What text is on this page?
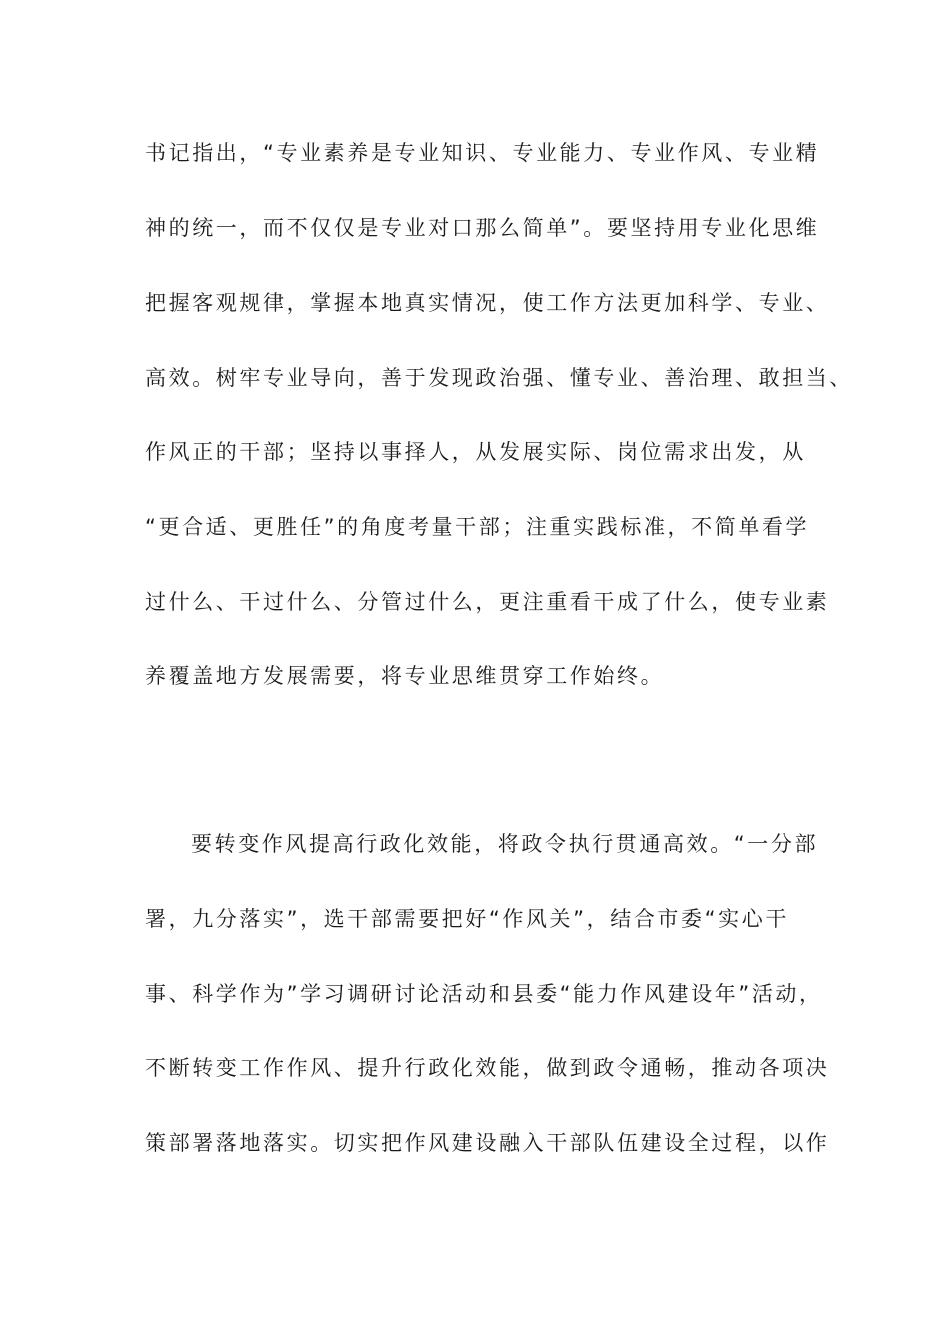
书记指出，“专业素养是专业知识、专业能力、专业作风、专业精
神的统一，而不仅仅是专业对口那么简单”。要坚持用专业化思维
把握客观规律，掌握本地真实情况，使工作方法更加科学、专业、
高效。树牢专业导向，善于发现政治强、懂专业、善治理、敢担当、
作风正的干部；坚持以事择人，从发展实际、岗位需求出发，从
“更合适、更胜任”的角度考量干部；注重实践标准，不简单看学
过什么、干过什么、分管过什么，更注重看干成了什么，使专业素
养覆盖地方发展需要，将专业思维贯穿工作始终。
要转变作风提高行政化效能，将政令执行贯通高效。“一分部
署，九分落实”，选干部需要把好“作风关”，结合市委“实心干
事、科学作为”学习调研讨论活动和县委“能力作风建设年”活动，
不断转变工作作风、提升行政化效能，做到政令通畅，推动各项决
策部署落地落实。切实把作风建设融入干部队伍建设全过程，以作
